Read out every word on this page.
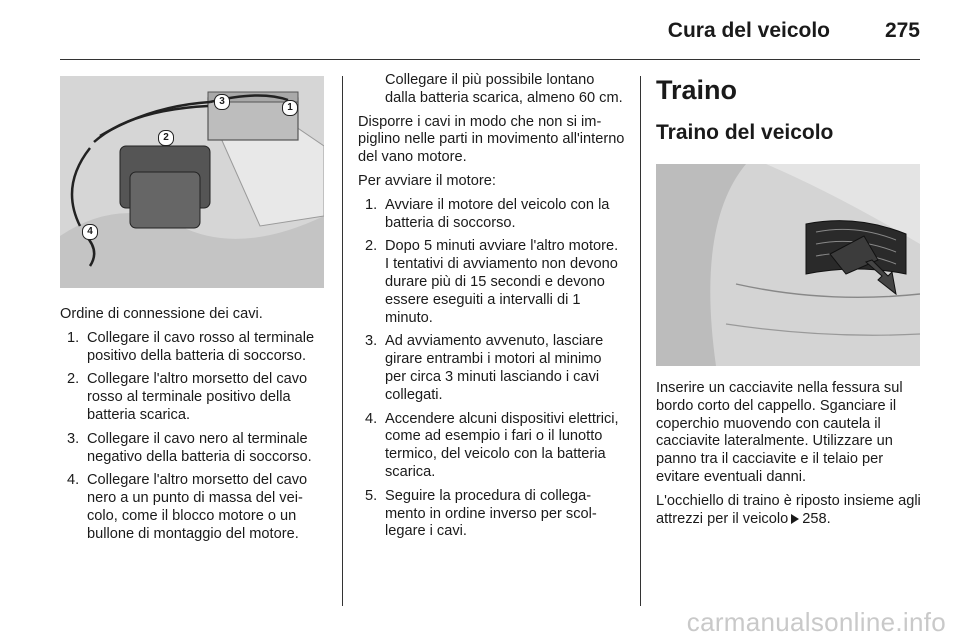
Cura del veicolo	275
1
2
3
4

Ordine di connessione dei cavi.

1. Collegare il cavo rosso al terminale positivo della batteria di soccorso.
2. Collegare l'altro morsetto del cavo rosso al terminale positivo della batteria scarica.
3. Collegare il cavo nero al terminale negativo della batteria di soccorso.
4. Collegare l'altro morsetto del cavo nero a un punto di massa del veicolo, come il blocco motore o un bullone di montaggio del motore.

Collegare il più possibile lontano dalla batteria scarica, almeno 60 cm.

Disporre i cavi in modo che non si impiglino nelle parti in movimento all'interno del vano motore.

Per avviare il motore:

1. Avviare il motore del veicolo con la batteria di soccorso.
2. Dopo 5 minuti avviare l'altro motore. I tentativi di avviamento non devono durare più di 15 secondi e devono essere eseguiti a intervalli di 1 minuto.
3. Ad avviamento avvenuto, lasciare girare entrambi i motori al minimo per circa 3 minuti lasciando i cavi collegati.
4. Accendere alcuni dispositivi elettrici, come ad esempio i fari o il lunotto termico, del veicolo con la batteria scarica.
5. Seguire la procedura di collegamento in ordine inverso per scollegare i cavi.
Traino
Traino del veicolo

Inserire un cacciavite nella fessura sul bordo corto del cappello. Sganciare il coperchio muovendo con cautela il cacciavite lateralmente. Utilizzare un panno tra il cacciavite e il telaio per evitare eventuali danni.

L'occhiello di traino è riposto insieme agli attrezzi per il veicolo 258.

carmanualsonline.info
